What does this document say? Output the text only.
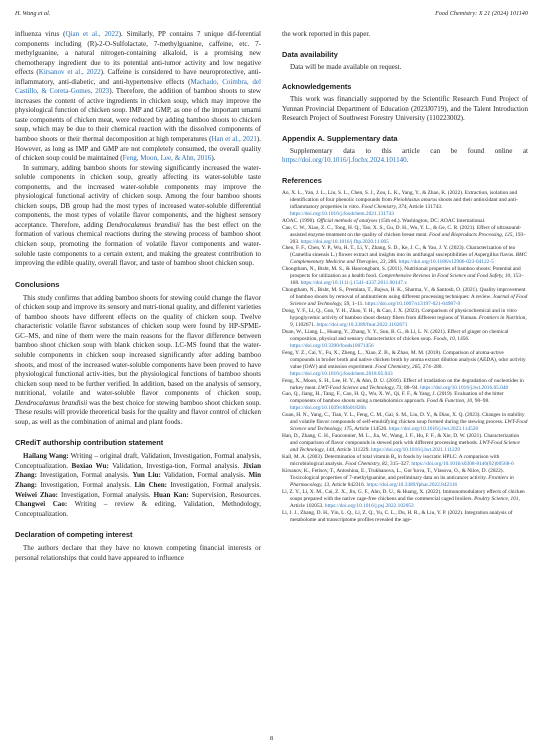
H. Wang et al.	Food Chemistry: X 21 (2024) 101140

influenza virus (Qian et al., 2022). Similarly, PP contains 7 unique dif-ferential components including (R)-2-O-Sulfolactate, 7-methylguanine, caffeine, etc. 7-methylguanine, a natural nitrogen-containing alkaloid, is a promising new chemotherapy ingredient due to its potential anti-tumor activity and low negative effects (Kirsanov et al., 2022). Caffeine is considered to have neuroprotective, anti-inflammatory, anti-diabetic, and anti-hypertensive effects (Machado, Coimbra, del Castillo, & Coreta-Gomes, 2023). Therefore, the addition of bamboo shoots to stew increases the content of active ingredients in chicken soup, which may improve the physiological function of chicken soup. IMP and GMP, as one of the important umami taste components of chicken meat, were reduced by adding bamboo shoots to chicken soup, which may be due to their chemical reaction with the dissolved components of bamboo shoots or their thermal decomposition at high temperatures (Han et al., 2021). However, as long as IMP and GMP are not completely consumed, the overall quality of chicken soup could be maintained (Feng, Moon, Lee, & Ahn, 2016).

In summary, adding bamboo shoots for stewing significantly increased the water-soluble components in chicken soup, greatly affecting its water-soluble taste components, and the increased water-soluble components may improve the physiological functional activity of chicken soup. Among the four bamboo shoots chicken soups, DB group had the most types of increased water-soluble differential components, the most types of volatile flavor components, and the highest sensory acceptance. Therefore, adding Dendrocalamus brandisii has the best effect on the formation of various chemical reactions during the stewing process of bamboo shoot chicken soup, promoting the formation of volatile flavor components and water-soluble taste components to a certain extent, and making the greatest contribution to improving the edible quality, overall flavor, and taste of bamboo shoot chicken soup.

Conclusions

This study confirms that adding bamboo shoots for stewing could change the flavor of chicken soup and improve its sensory and nutri-tional quality, and different varieties of bamboo shoots have different effects on the quality of chicken soup. Twelve characteristic volatile flavor substances of chicken soup were found by HP-SPME-GC–MS, and nine of them were the main reasons for the flavor difference between bamboo shoot chicken soup with blank chicken soup. LC-MS found that the water-soluble components in chicken soup increased significantly after adding bamboo shoots, and most of the increased water-soluble components have been proved to have physiological functional activ-ities, but the physiological functions of bamboo shoots chicken soup need to be further verified. In addition, based on the analysis of sensory, nutritional, volatile and water-soluble flavor components of chicken soup, Dendrocalamus brandisii was the best choice for stewing bamboo shoot chicken soup. These results will provide theoretical basis for the quality and flavor control of chicken soup, as well as the combination of animal and plant foods.

CRediT authorship contribution statement

Hailang Wang: Writing – original draft, Validation, Investigation, Formal analysis, Conceptualization. Boxiao Wu: Validation, Investiga-tion, Formal analysis. Jixian Zhang: Investigation, Formal analysis. Yun Liu: Validation, Formal analysis. Min Zhang: Investigation, Formal analysis. Lin Chen: Investigation, Formal analysis. Weiwei Zhao: Investigation, Formal analysis. Huan Kan: Supervision, Resources. Changwei Cao: Writing – review & editing, Validation, Methodology, Conceptualization.

Declaration of competing interest

The authors declare that they have no known competing financial interests or personal relationships that could have appeared to influence

the work reported in this paper.

Data availability

Data will be made available on request.

Acknowledgements

This work was financially supported by the Scientific Research Fund Project of Yunnan Provincial Department of Education (2023J0719), and the Talent Introduction Research Project of Southwest Forestry University (110223002).

Appendix A. Supplementary data

Supplementary data to this article can be found online at https://doi.org/10.1016/j.fochx.2024.101140.

References

Ao, X. L., Yan, J. L., Liu, S. L., Chen, S. J., Zou, L. K., Yang, Y., & Zhao, K. (2022). Extraction, isolation and identification of four phenolic compounds from Pleioblastus amarus shoots and their antioxidant and anti-inflammatory properties in vitro. Food Chemistry, 374, Article 131743. https://doi.org/10.1016/j.foodchem.2021.131743

AOAC. (1990). Official methods of analyses (15th ed.). Washington, DC: AOAC International.

Cao, C. W., Xiao, Z. C., Tong, H. Q., Tao, X. S., Gu, D. H., Wu, Y. L., & Ge, C. R. (2021). Effect of ultrasound-assisted enzyme treatment on the quality of chicken breast meat. Food and Bioproducts Processing, 125, 193–203. https://doi.org/10.1016/j.fbp.2020.11.005

Chen, F. F., Chen, Y. P., Wu, H. T., Li, Y., Zhang, S. D., Ke, J. C., & Yao, J. Y. (2023). Characterization of tea (Camellia sinensis L.) flower extract and insights into its antifungal susceptibilities of Aspergillus flavus. BMC Complementary Medicine and Therapies, 23, 286. https://doi.org/10.1186/s12906-023-04122-5

Chongtham, N., Bisht, M. S., & Haorongbam, S. (2011). Nutritional properties of bamboo shoots: Potential and prospects for utilization as a health food. Comprehensive Reviews in Food Science and Food Safety, 10, 153–168. https://doi.org/10.1111/j.1541-4337.2011.00147.x

Chongtham, N., Bisht, M. S., Premlata, T., Bajwa, H. K., Sharma, V., & Santosh, O. (2021). Quality improvement of bamboo shoots by removal of antinutrients using different processing techniques: A review. Journal of Food Science and Technology, 59, 1–11. https://doi.org/10.1007/s13197-021-04987-9

Dong, Y. F., Li, Q., Guo, Y. H., Zhao, Y. H., & Cao, J. X. (2023). Comparison of physicochemical and in vitro hypoglycemic activity of bamboo shoot dietary fibers from different regions of Yunnan. Frontiers in Nutrition, 9, 1102671. https://doi.org/10.3389/fnut.2022.1102671

Duan, W., Liang, L., Huang, Y., Zhang, Y. Y., Sun, B. G., & Li, L. N. (2021). Effect of ginger on chemical composition, physical and sensory characteristics of chicken soup. Foods, 10, 1456. https://doi.org/10.3390/foods10071456

Feng, Y. Z., Cai, Y., Fu, X., Zheng, L., Xiao, Z. B., & Zhao, M. M. (2018). Comparison of aroma-active compounds in broiler broth and native chicken broth by aroma extract dilution analysis (AEDA), odor activity value (OAV) and omission experiment. Food Chemistry, 265, 274–280. https://doi.org/10.1016/j.foodchem.2018.05.043

Feng, X., Moon, S. H., Lee, H. Y., & Ahn, D. U. (2016). Effect of irradiation on the degradation of nucleotides in turkey meat. LWT-Food Science and Technology, 73, 88–94. https://doi.org/10.1016/j.lwt.2016.05.040

Gao, Q., Jiang, H., Tang, F., Cao, H. Q., Wu, X. W., Qi, F. F., & Yang, J. (2019). Evaluation of the bitter components of bamboo shoots using a metabolomics approach. Food & Function, 10, 90–98. https://doi.org/10.1039/c8fo01820h

Guan, H. N., Yang, C., Tian, Y. L., Feng, C. M., Gai, S. M., Liu, D. Y., & Diao, X. Q. (2023). Changes in stability and volatile flavor compounds of self-emulsifying chicken soup formed during the stewing process. LWT-Food Science and Technology, 175, Article 114520. https://doi.org/10.1016/j.lwt.2023.114520

Han, D., Zhang, C. H., Fauconnier, M. L., Jia, W., Wang, J. F., Hu, F. F., & Xie, D. W. (2021). Characterization and comparison of flavor compounds in stewed pork with different processing methods. LWT-Food Science and Technology, 144, Article 111229. https://doi.org/10.1016/j.lwt.2021.111229

Kall, M. A. (2003). Determination of total vitamin B₆ in foods by isocratic HPLC: A comparison with microbiological analysis. Food Chemistry, 82, 315–327. https://doi.org/10.1016/s0308-8146(02)00568-6

Kirsanov, K., Fetisov, T., Antoshina, E., Trukhanova, L., Gor’kova, T., Vlasova, O., & Nilov, D. (2022). Toxicological properties of 7-methylguanine, and preliminary data on its anticancer activity. Frontiers in Pharmacology, 13, Article 842316. https://doi.org/10.3389/fphar.2022.842316

Li, Z. Y., Li, X. M., Cai, Z. X., Jin, G. F., Ahn, D. U., & Huang, X. (2022). Immunomodulatory effects of chicken soups prepared with the native cage-free chickens and the commercial caged broilers. Poultry Science, 101, Article 102053. https://doi.org/10.1016/j.psj.2022.102053

Li, J. J., Zhang, D. H., Yin, L. Q., Li, Z. Q., Yu, C. L., Du, H. R., & Liu, Y. P. (2022). Integration analysis of metabolome and transcriptome profiles revealed the age-

8
